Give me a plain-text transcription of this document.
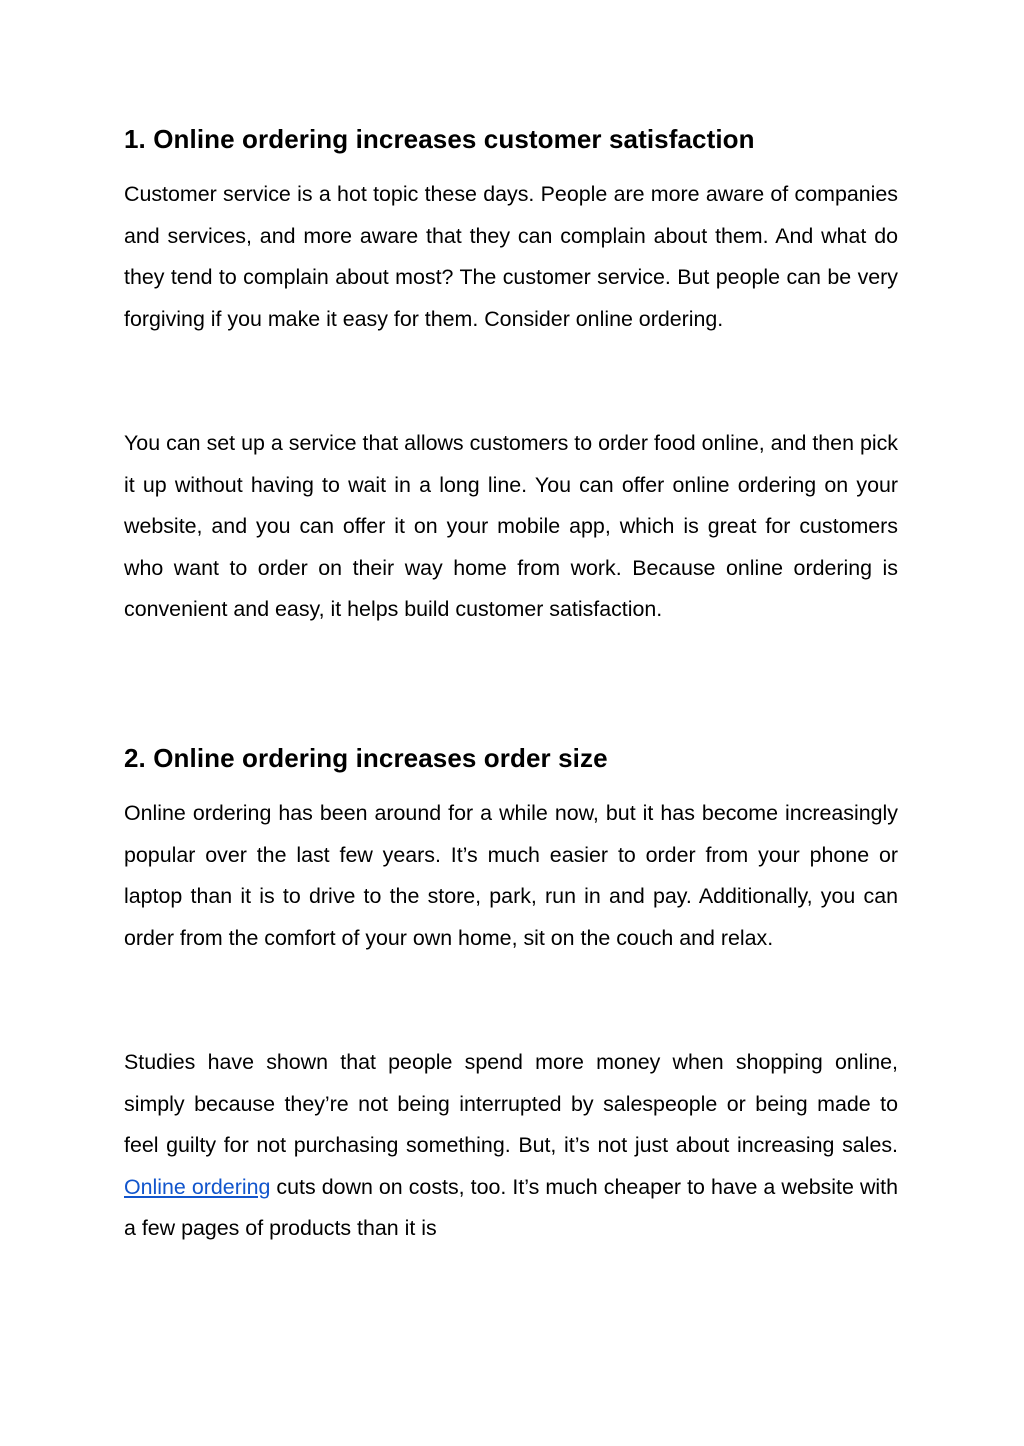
1. Online ordering increases customer satisfaction

Customer service is a hot topic these days. People are more aware of companies and services, and more aware that they can complain about them. And what do they tend to complain about most? The customer service. But people can be very forgiving if you make it easy for them. Consider online ordering.

You can set up a service that allows customers to order food online, and then pick it up without having to wait in a long line. You can offer online ordering on your website, and you can offer it on your mobile app, which is great for customers who want to order on their way home from work. Because online ordering is convenient and easy, it helps build customer satisfaction.

2. Online ordering increases order size

Online ordering has been around for a while now, but it has become increasingly popular over the last few years. It’s much easier to order from your phone or laptop than it is to drive to the store, park, run in and pay. Additionally, you can order from the comfort of your own home, sit on the couch and relax.

Studies have shown that people spend more money when shopping online, simply because they’re not being interrupted by salespeople or being made to feel guilty for not purchasing something. But, it’s not just about increasing sales. Online ordering cuts down on costs, too. It’s much cheaper to have a website with a few pages of products than it is
